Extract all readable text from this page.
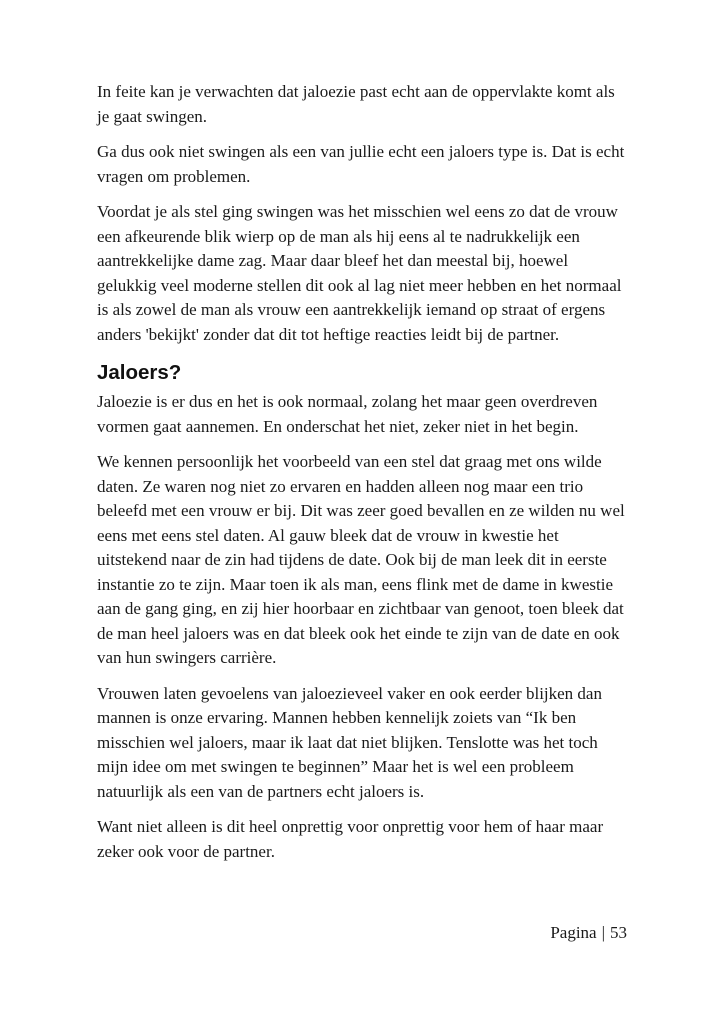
In feite kan je verwachten dat jaloezie past echt aan de oppervlakte komt als je gaat swingen.

Ga dus ook niet swingen als een van jullie echt een jaloers type is. Dat is echt vragen om problemen.

Voordat je als stel ging swingen was het misschien wel eens zo dat de vrouw een afkeurende blik wierp op de man als hij eens al te nadrukkelijk een aantrekkelijke dame zag. Maar daar bleef het dan meestal bij, hoewel gelukkig veel moderne stellen dit ook al lag niet meer hebben en het normaal is als zowel de man als vrouw een aantrekkelijk iemand op straat of ergens anders 'bekijkt' zonder dat dit tot heftige reacties leidt bij de partner.

Jaloers?

Jaloezie is er dus en het is ook normaal, zolang het maar geen overdreven vormen gaat aannemen. En onderschat het niet, zeker niet in het begin.

We kennen persoonlijk het voorbeeld van een stel dat graag met ons wilde daten. Ze waren nog niet zo ervaren en hadden alleen nog maar een trio beleefd met een vrouw er bij. Dit was zeer goed bevallen en ze wilden nu wel eens met eens stel daten. Al gauw bleek dat de vrouw in kwestie het uitstekend naar de zin had tijdens de date. Ook bij de man leek dit in eerste instantie zo te zijn. Maar toen ik als man, eens flink met de dame in kwestie aan de gang ging, en zij hier hoorbaar en zichtbaar van genoot, toen bleek dat de man heel jaloers was en dat bleek ook het einde te zijn van de date en ook van hun swingers carrière.

Vrouwen laten gevoelens van jaloezieveel vaker en ook eerder blijken dan mannen is onze ervaring. Mannen hebben kennelijk zoiets van “Ik ben misschien wel jaloers, maar ik laat dat niet blijken. Tenslotte was het toch mijn idee om met swingen te beginnen” Maar het is wel een probleem natuurlijk als een van de partners echt jaloers is.

Want niet alleen is dit heel onprettig voor onprettig voor hem of haar maar zeker ook voor de partner.

Pagina | 53
